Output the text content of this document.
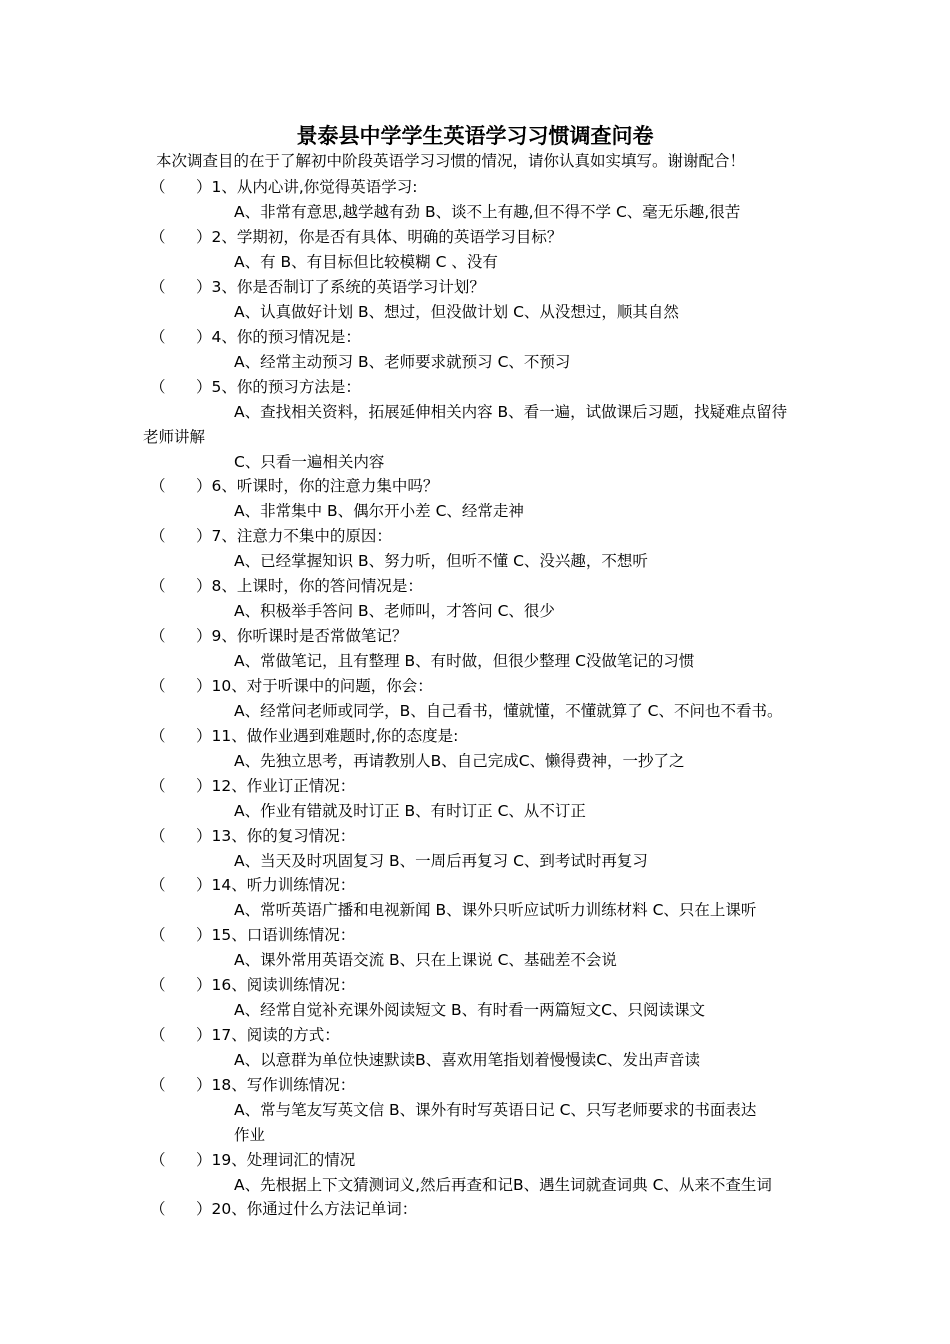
景泰县中学学生英语学习习惯调查问卷
本次调查目的在于了解初中阶段英语学习习惯的情况，请你认真如实填写。谢谢配合！
（ ）1、从内心讲,你觉得英语学习:
A、非常有意思,越学越有劲 B、谈不上有趣,但不得不学 C、毫无乐趣,很苦
（ ）2、学期初，你是否有具体、明确的英语学习目标？
A、有 B、有目标但比较模糊 C 、没有
（ ）3、你是否制订了系统的英语学习计划？
A、认真做好计划 B、想过，但没做计划 C、从没想过，顺其自然
（ ）4、你的预习情况是：
A、经常主动预习 B、老师要求就预习 C、不预习
（ ）5、你的预习方法是：
A、查找相关资料，拓展延伸相关内容 B、看一遍，试做课后习题，找疑难点留待
老师讲解
C、只看一遍相关内容
（ ）6、听课时，你的注意力集中吗？
A、非常集中 B、偶尔开小差 C、经常走神
（ ）7、注意力不集中的原因：
A、已经掌握知识 B、努力听，但听不懂 C、没兴趣，不想听
（ ）8、上课时，你的答问情况是：
A、积极举手答问 B、老师叫，才答问 C、很少
（ ）9、你听课时是否常做笔记？
A、常做笔记，且有整理 B、有时做，但很少整理 C没做笔记的习惯
（ ）10、对于听课中的问题，你会：
A、经常问老师或同学，B、自己看书，懂就懂，不懂就算了 C、不问也不看书。
（ ）11、做作业遇到难题时,你的态度是:
A、先独立思考，再请教别人B、自己完成C、懒得费神，一抄了之
（ ）12、作业订正情况：
A、作业有错就及时订正 B、有时订正 C、从不订正
（ ）13、你的复习情况：
A、当天及时巩固复习 B、一周后再复习 C、到考试时再复习
（ ）14、听力训练情况：
A、常听英语广播和电视新闻 B、课外只听应试听力训练材料 C、只在上课听
（ ）15、口语训练情况：
A、课外常用英语交流 B、只在上课说 C、基础差不会说
（ ）16、阅读训练情况：
A、经常自觉补充课外阅读短文 B、有时看一两篇短文C、只阅读课文
（ ）17、阅读的方式：
A、以意群为单位快速默读B、喜欢用笔指划着慢慢读C、发出声音读
（ ）18、写作训练情况：
A、常与笔友写英文信 B、课外有时写英语日记 C、只写老师要求的书面表达
作业
（ ）19、处理词汇的情况
A、先根据上下文猜测词义,然后再查和记B、遇生词就查词典 C、从来不查生词
（ ）20、你通过什么方法记单词：
